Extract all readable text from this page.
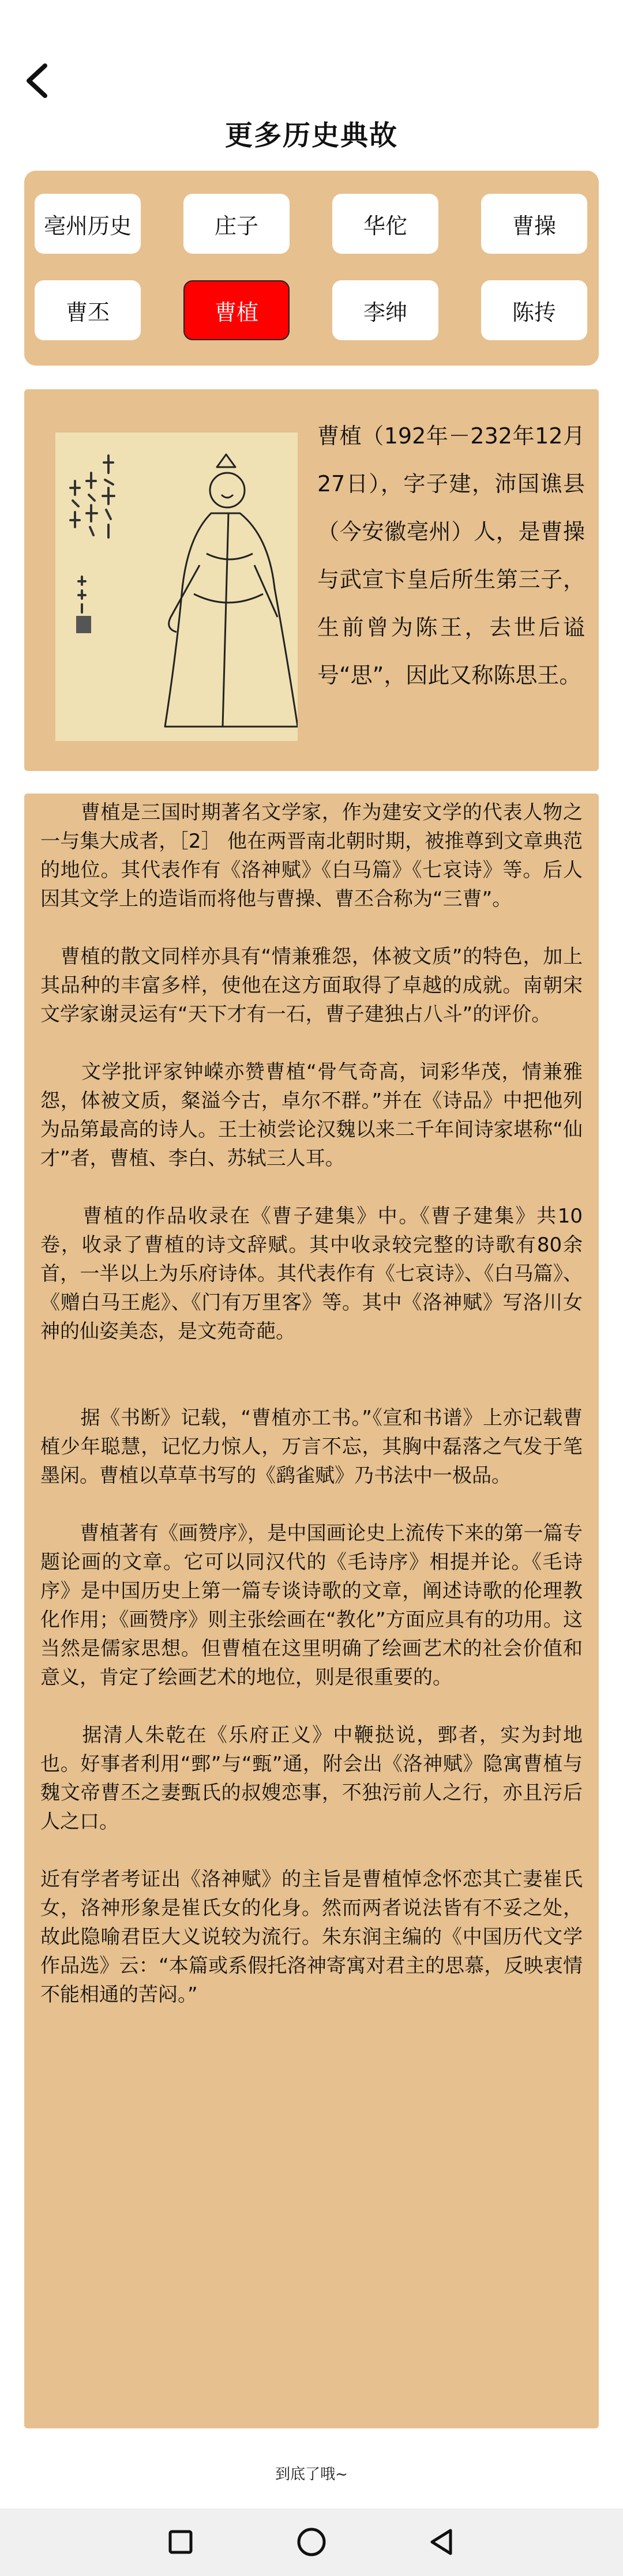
更多历史典故
亳州历史	庄子	华佗	曹操
曹丕	曹植	李绅	陈抟
曹植（192年－232年12月27日），字子建，沛国谯县（今安徽亳州）人，是曹操与武宣卞皇后所生第三子，生前曾为陈王，去世后谥号“思”，因此又称陈思王。

　　曹植是三国时期著名文学家，作为建安文学的代表人物之一与集大成者，［2］ 他在两晋南北朝时期，被推尊到文章典范的地位。其代表作有《洛神赋》《白马篇》《七哀诗》等。后人因其文学上的造诣而将他与曹操、曹丕合称为“三曹”。

　曹植的散文同样亦具有“情兼雅怨，体被文质”的特色，加上其品种的丰富多样，使他在这方面取得了卓越的成就。南朝宋文学家谢灵运有“天下才有一石，曹子建独占八斗”的评价。

　　文学批评家钟嵘亦赞曹植“骨气奇高，词彩华茂，情兼雅怨，体被文质，粲溢今古，卓尔不群。”并在《诗品》中把他列为品第最高的诗人。王士祯尝论汉魏以来二千年间诗家堪称“仙才”者，曹植、李白、苏轼三人耳。

　　曹植的作品收录在《曹子建集》中。《曹子建集》共10卷，收录了曹植的诗文辞赋。其中收录较完整的诗歌有80余首，一半以上为乐府诗体。其代表作有《七哀诗》、《白马篇》、《赠白马王彪》、《门有万里客》等。其中《洛神赋》写洛川女神的仙姿美态，是文苑奇葩。

　　据《书断》记载，“曹植亦工书。”《宣和书谱》上亦记载曹植少年聪慧，记忆力惊人，万言不忘，其胸中磊落之气发于笔墨闲。曹植以草草书写的《鹞雀赋》乃书法中一极品。

　　曹植著有《画赞序》，是中国画论史上流传下来的第一篇专题论画的文章。它可以同汉代的《毛诗序》相提并论。《毛诗序》是中国历史上第一篇专谈诗歌的文章，阐述诗歌的伦理教化作用；《画赞序》则主张绘画在“教化”方面应具有的功用。这当然是儒家思想。但曹植在这里明确了绘画艺术的社会价值和意义，肯定了绘画艺术的地位，则是很重要的。

　　据清人朱乾在《乐府正义》中鞭挞说，鄄者，实为封地也。好事者利用“鄄”与“甄”通，附会出《洛神赋》隐寓曹植与魏文帝曹丕之妻甄氏的叔嫂恋事，不独污前人之行，亦且污后人之口。

近有学者考证出《洛神赋》的主旨是曹植悼念怀恋其亡妻崔氏女，洛神形象是崔氏女的化身。然而两者说法皆有不妥之处，故此隐喻君臣大义说较为流行。朱东润主编的《中国历代文学作品选》云：“本篇或系假托洛神寄寓对君主的思慕，反映衷情不能相通的苦闷。”

到底了哦~
